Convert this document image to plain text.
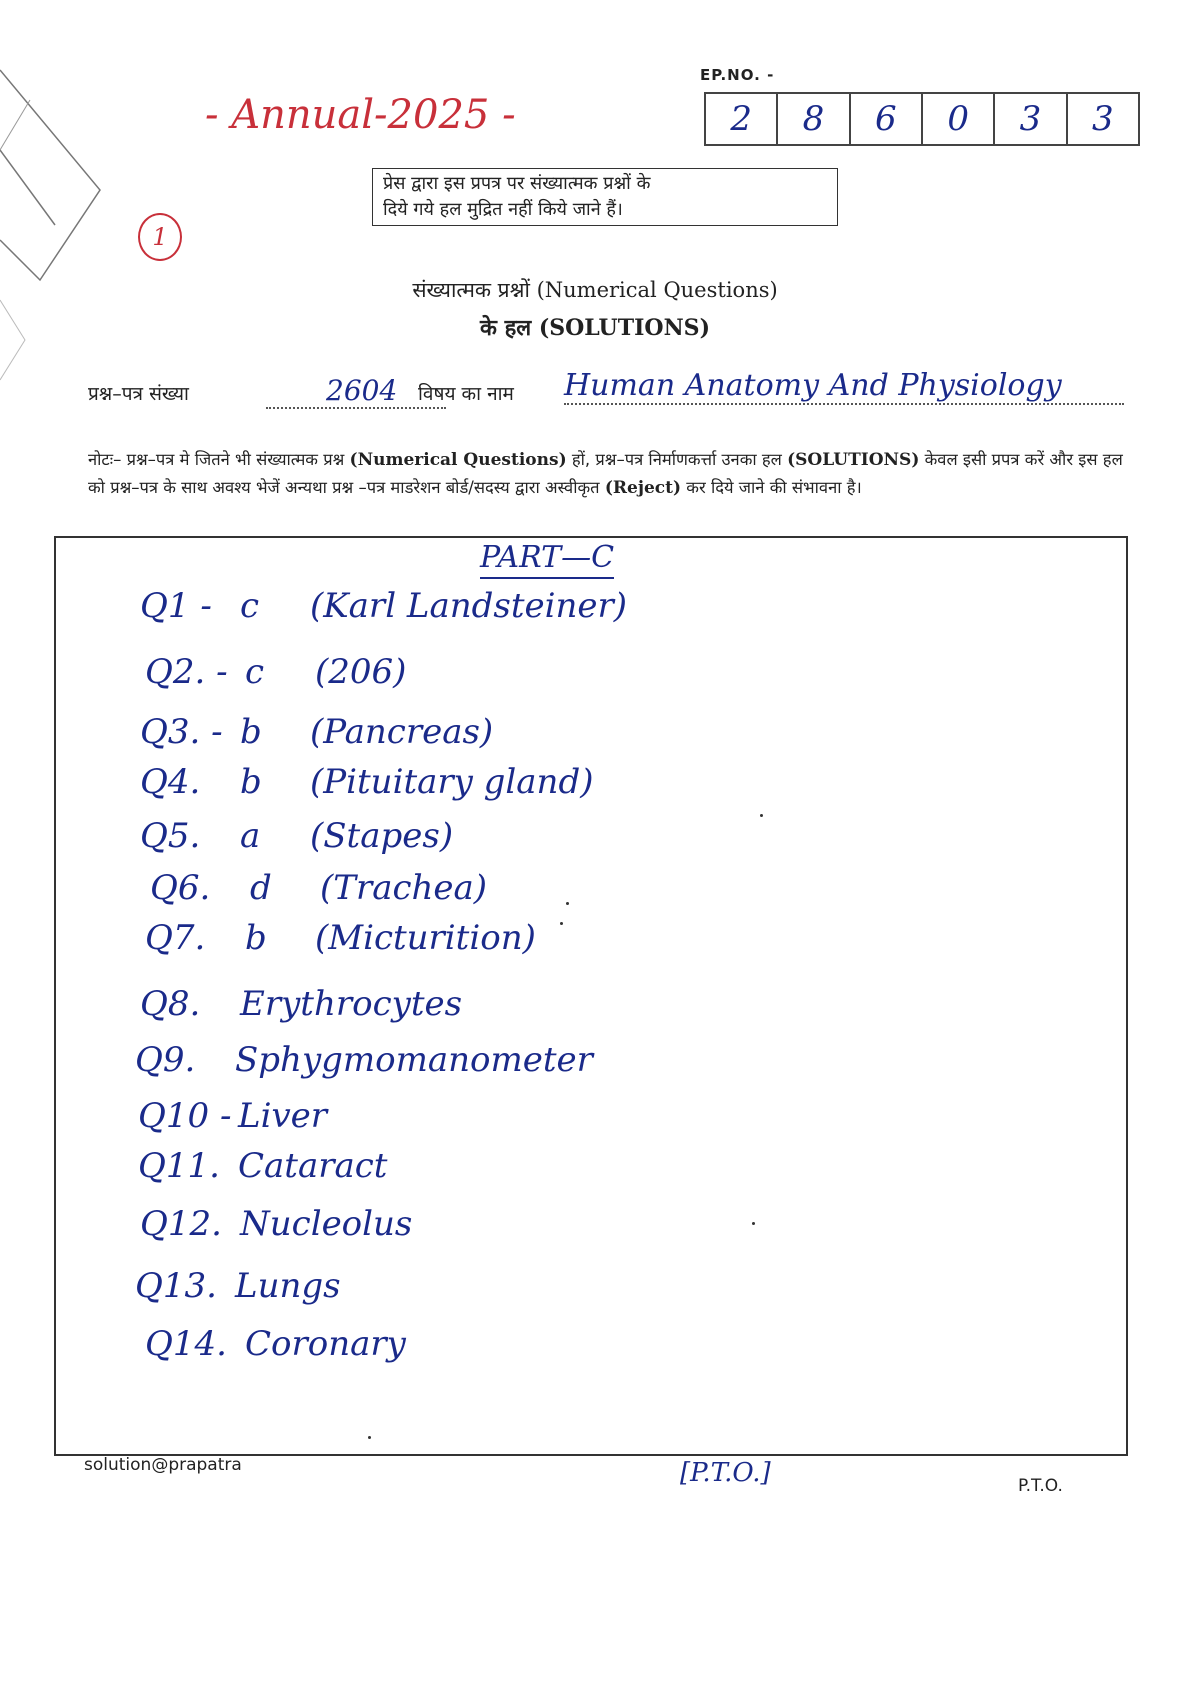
EP.NO. -
2	8	6	0	3	3
- Annual-2025 -
1
प्रेस द्वारा इस प्रपत्र पर संख्यात्मक प्रश्नों के
दिये गये हल मुद्रित नहीं किये जाने हैं।
संख्यात्मक प्रश्नों (Numerical Questions)
के हल (SOLUTIONS)
प्रश्न–पत्र संख्या	2604	विषय का नाम Human Anatomy And Physiology
नोटः– प्रश्न–पत्र मे जितने भी संख्यात्मक प्रश्न (Numerical Questions) हों, प्रश्न–पत्र निर्माणकर्त्ता उनका हल (SOLUTIONS) केवल इसी प्रपत्र करें और इस हल को प्रश्न–पत्र के साथ अवश्य भेजें अन्यथा प्रश्न –पत्र माडरेशन बोर्ड/सदस्य द्वारा अस्वीकृत (Reject) कर दिये जाने की संभावना है।
PART—C
Q1 - c (Karl Landsteiner)
Q2. - c (206)
Q3. - b (Pancreas)
Q4. b (Pituitary gland)
Q5. a (Stapes)
Q6. d (Trachea)
Q7. b (Micturition)
Q8. Erythrocytes
Q9. Sphygmomanometer
Q10 - Liver
Q11. Cataract
Q12. Nucleolus
Q13. Lungs
Q14. Coronary
solution@prapatra	[P.T.O.]	P.T.O.
